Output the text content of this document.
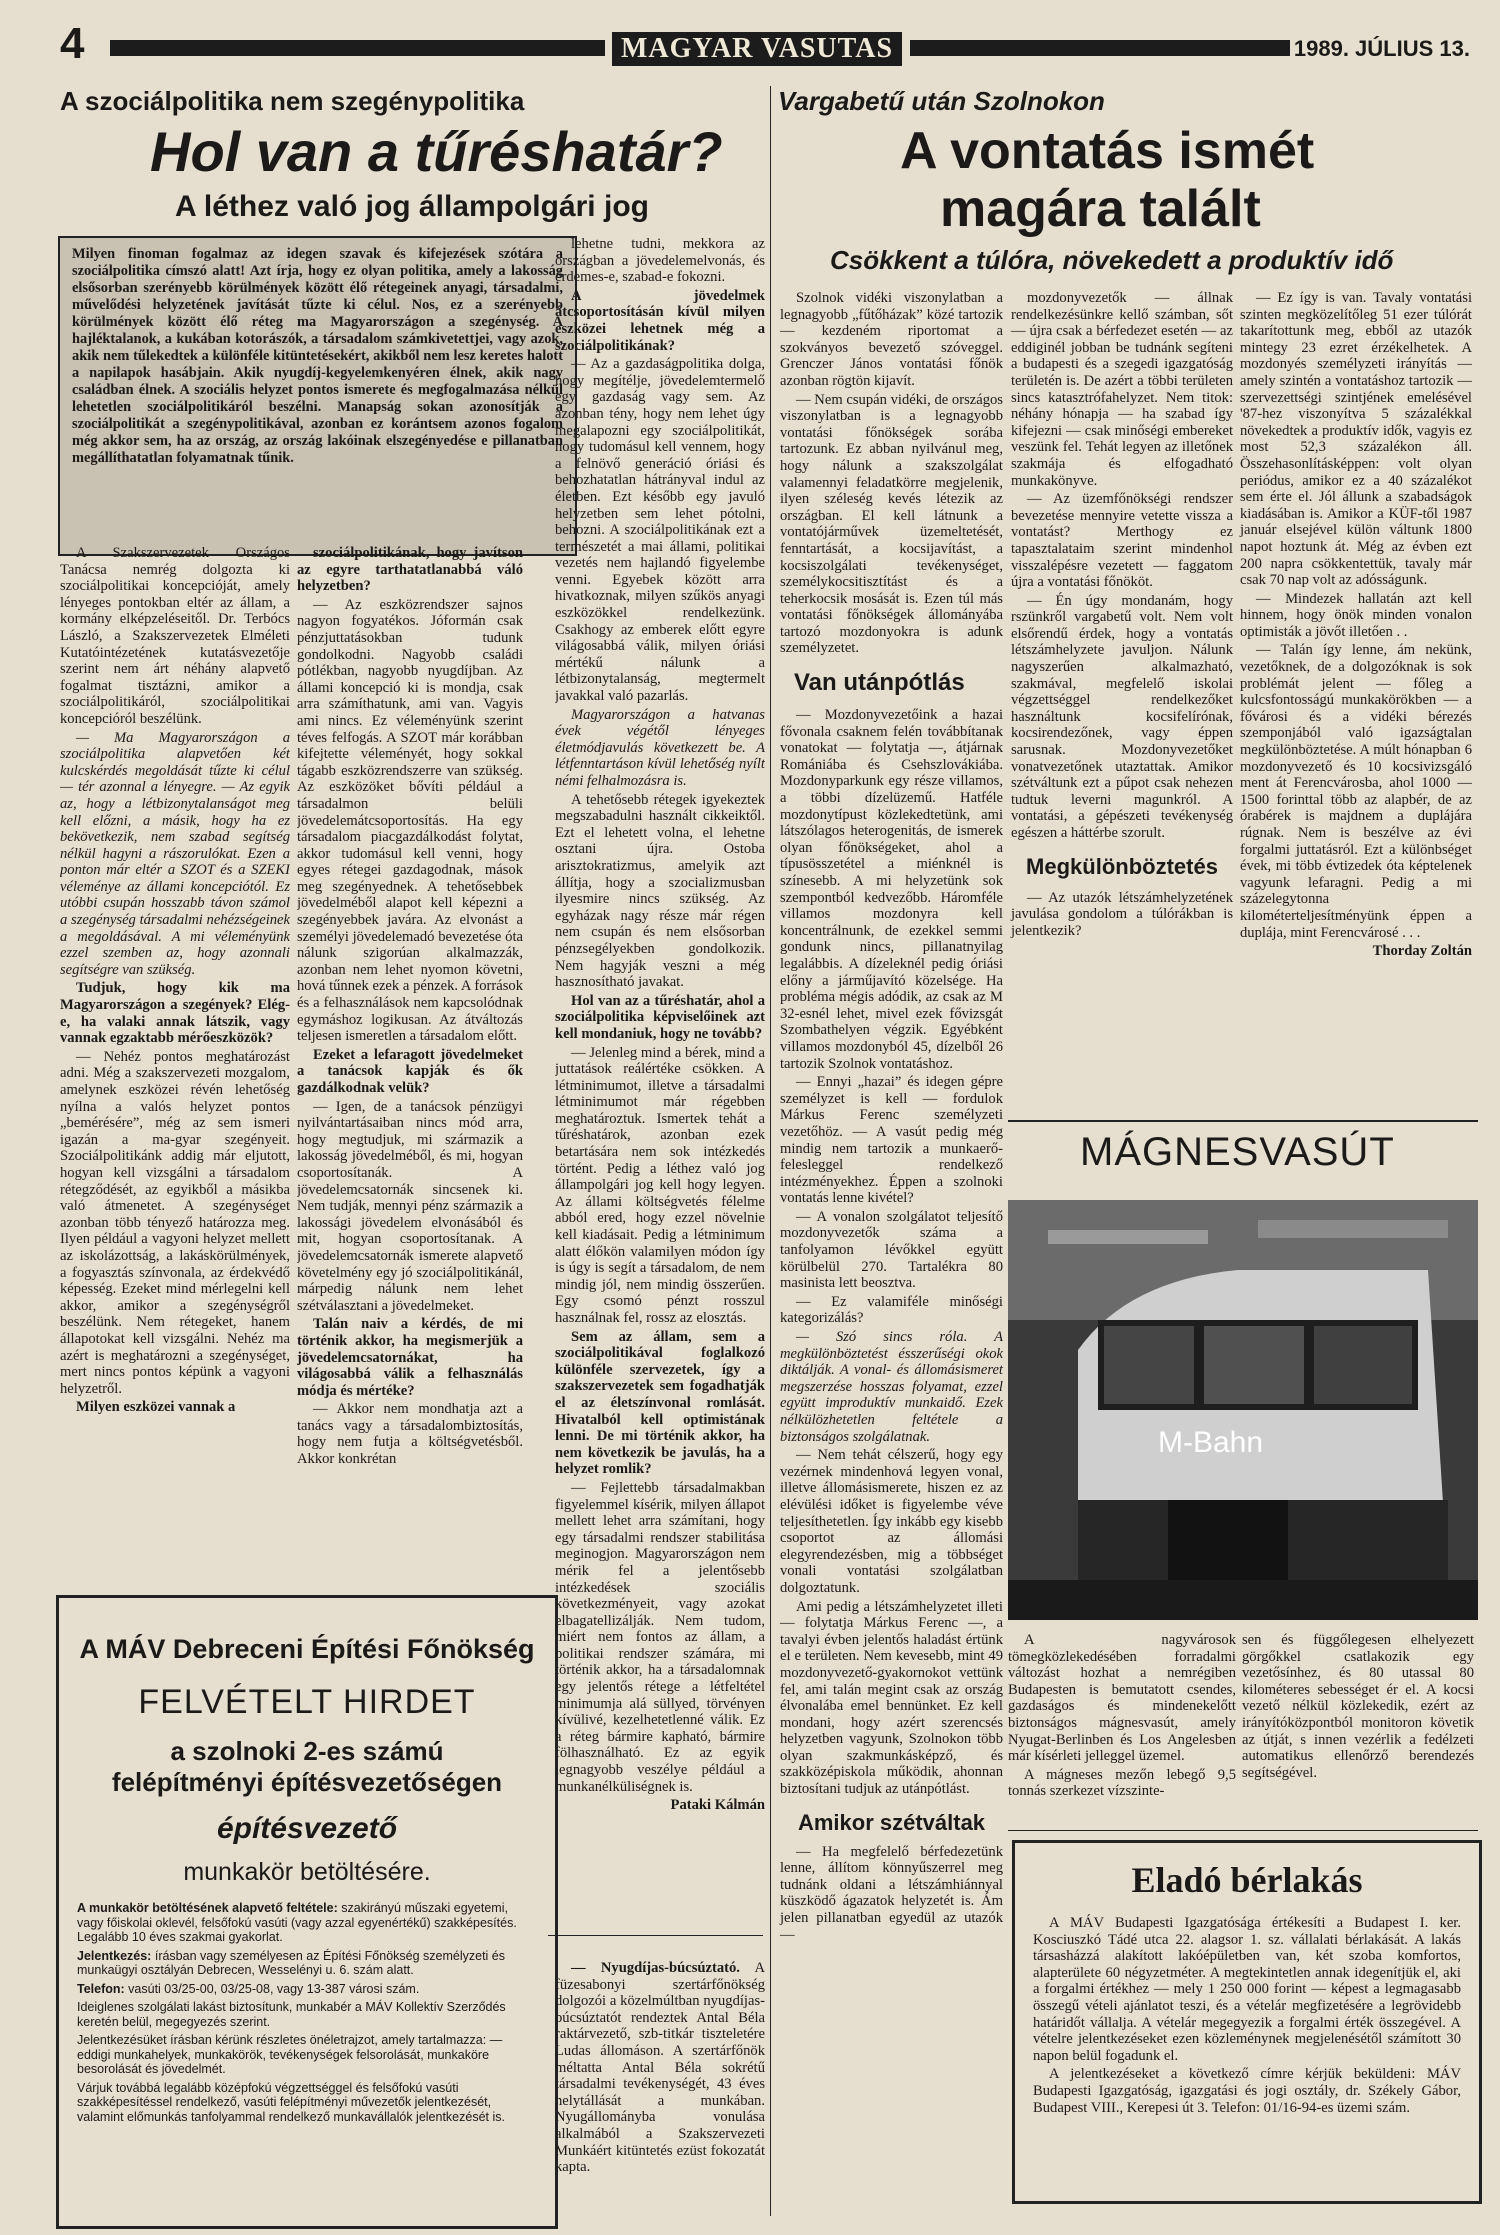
4	MAGYAR VASUTAS	1989. JÚLIUS 13.
A szociálpolitika nem szegénypolitika
Hol van a tűréshatár?
A léthez való jog állampolgári jog
Milyen finoman fogalmaz az idegen szavak és kifejezések szótára a szociálpolitika címszó alatt! Azt írja, hogy ez olyan politika, amely a lakosság elsősorban szerényebb körülmények között élő rétegeinek anyagi, társadalmi, művelődési helyzetének javítását tűzte ki célul. Nos, ez a szerényebb körülmények között élő réteg ma Magyarországon a szegénység. A hajléktalanok, a kukában kotorászók, a társadalom számkivetettjei, vagy azok, akik nem tűlekedtek a különféle kitüntetésekért, akikből nem lesz keretes halott a napilapok hasábjain. Akik nyugdíj-kegyelemkenyéren élnek, akik nagy családban élnek. A szociális helyzet pontos ismerete és megfogalmazása nélkül lehetetlen szociálpolitikáról beszélni. Manapság sokan azonosítják a szociálpolitikát a szegénypolitikával, azonban ez korántsem azonos fogalom még akkor sem, ha az ország, az ország lakóinak elszegényedése e pillanatban megállíthatatlan folyamatnak tűnik.

A Szakszervezetek Országos Tanácsa nemrég dolgozta ki szociálpolitikai koncepcióját, amely lényeges pontokban eltér az állam, a kormány elképzeléseitől. Dr. Terbócs László, a Szakszervezetek Elméleti Kutatóintézetének kutatásvezetője szerint nem árt néhány alapvető fogalmat tisztázni, amikor a szociálpolitikáról, szociálpolitikai koncepcióról beszélünk.

— Ma Magyarországon a szociálpolitika alapvetően két kulcskérdés megoldását tűzte ki célul — tér azonnal a lényegre. — Az egyik az, hogy a létbizonytalanságot meg kell előzni, a másik, hogy ha ez bekövetkezik, nem szabad segítség nélkül hagyni a rászorulókat. Ezen a ponton már eltér a SZOT és a SZEKI véleménye az állami koncepciótól. Ez utóbbi csupán hosszabb távon számol a szegénység társadalmi nehézségeinek a megoldásával. A mi véleményünk ezzel szemben az, hogy azonnali segítségre van szükség.

Tudjuk, hogy kik ma Magyarországon a szegények? Elég-e, ha valaki annak látszik, vagy vannak egzaktabb mérőeszközök?

— Nehéz pontos meghatározást adni. Még a szakszervezeti mozgalom, amelynek eszközei révén lehetőség nyílna a valós helyzet pontos „bemérésére”, még az sem ismeri igazán a ma-gyar szegényeit. Szociálpolitikánk addig már eljutott, hogyan kell vizsgálni a társadalom rétegződését, az egyikből a másikba való átmenetet. A szegénységet azonban több tényező határozza meg. Ilyen például a vagyoni helyzet mellett az iskolázottság, a lakáskörülmények, a fogyasztás színvonala, az érdekvédő képesség. Ezeket mind mérlegelni kell akkor, amikor a szegénységről beszélünk. Nem rétegeket, hanem állapotokat kell vizsgálni. Nehéz ma azért is meghatározni a szegénységet, mert nincs pontos képünk a vagyoni helyzetről.

Milyen eszközei vannak a

szociálpolitikának, hogy javítson az egyre tarthatatlanabbá váló helyzetben?

— Az eszközrendszer sajnos nagyon fogyatékos. Jóformán csak pénzjuttatásokban tudunk gondolkodni. Nagyobb családi pótlékban, nagyobb nyugdíjban. Az állami koncepció ki is mondja, csak arra számíthatunk, ami van. Vagyis ami nincs. Ez véleményünk szerint téves felfogás. A SZOT már korábban kifejtette véleményét, hogy sokkal tágabb eszközrendszerre van szükség. Az eszközöket bővíti például a társadalmon belüli jövedelemátcsoportosítás. Ha egy társadalom piacgazdálkodást folytat, akkor tudomásul kell venni, hogy egyes rétegei gazdagodnak, mások meg szegényednek. A tehetősebbek jövedelméből alapot kell képezni a szegényebbek javára. Az elvonást a személyi jövedelemadó bevezetése óta nálunk szigorúan alkalmazzák, azonban nem lehet nyomon követni, hová tűnnek ezek a pénzek. A források és a felhasználások nem kapcsolódnak egymáshoz logikusan. Az átváltozás teljesen ismeretlen a társadalom előtt.

Ezeket a lefaragott jövedelmeket a tanácsok kapják és ők gazdálkodnak velük?

— Igen, de a tanácsok pénzügyi nyilvántartásaiban nincs mód arra, hogy megtudjuk, mi származik a lakosság jövedelméből, és mi, hogyan csoportosítanák. A jövedelemcsatornák sincsenek ki. Nem tudják, mennyi pénz származik a lakossági jövedelem elvonásából és mit, hogyan csoportosítanak. A jövedelemcsatornák ismerete alapvető követelmény egy jó szociálpolitikánál, márpedig nálunk nem lehet szétválasztani a jövedelmeket.

Talán naiv a kérdés, de mi történik akkor, ha megismerjük a jövedelemcsatornákat, ha világosabbá válik a felhasználás módja és mértéke?

— Akkor nem mondhatja azt a tanács vagy a társadalombiztosítás, hogy nem futja a költségvetésből. Akkor konkrétan

lehetne tudni, mekkora az országban a jövedelemelvonás, és érdemes-e, szabad-e fokozni.

A jövedelmek átcsoportosításán kívül milyen eszközei lehetnek még a szociálpolitikának?

— Az a gazdaságpolitika dolga, hogy megítélje, jövedelemtermelő egy gazdaság vagy sem. Az azonban tény, hogy nem lehet úgy megalapozni egy szociálpolitikát, hogy tudomásul kell vennem, hogy a felnövő generáció óriási és behozhatatlan hátrányval indul az életben. Ezt később egy javuló helyzetben sem lehet pótolni, behozni. A szociálpolitikának ezt a természetét a mai állami, politikai vezetés nem hajlandó figyelembe venni. Egyebek között arra hivatkoznak, milyen szűkös anyagi eszközökkel rendelkezünk. Csakhogy az emberek előtt egyre világosabbá válik, milyen óriási mértékű nálunk a létbizonytalanság, megtermelt javakkal való pazarlás.

Magyarországon a hatvanas évek végétől lényeges életmódjavulás következett be. A létfenntartáson kívül lehetőség nyílt némi felhalmozásra is.

A tehetősebb rétegek igyekeztek megszabadulni használt cikkeiktől. Ezt el lehetett volna, el lehetne osztani újra. Ostoba arisztokratizmus, amelyik azt állítja, hogy a szocializmusban ilyesmire nincs szükség. Az egyházak nagy része már régen nem csupán és nem elsősorban pénzsegélyekben gondolkozik. Nem hagyják veszni a még hasznosítható javakat.

Hol van az a tűréshatár, ahol a szociálpolitika képviselőinek azt kell mondaniuk, hogy ne tovább?

— Jelenleg mind a bérek, mind a juttatások reálértéke csökken. A létminimumot, illetve a társadalmi létminimumot már régebben meghatároztuk. Ismertek tehát a tűréshatárok, azonban ezek betartására nem sok intézkedés történt. Pedig a léthez való jog állampolgári jog kell hogy legyen. Az állami költségvetés félelme abból ered, hogy ezzel növelnie kell kiadásait. Pedig a létminimum alatt élőkön valamilyen módon így is úgy is segít a társadalom, de nem mindig jól, nem mindig összerűen. Egy csomó pénzt rosszul használnak fel, rossz az elosztás.

Sem az állam, sem a szociálpolitikával foglalkozó különféle szervezetek, így a szakszervezetek sem fogadhatják el az életszínvonal romlását. Hivatalból kell optimistának lenni. De mi történik akkor, ha nem következik be javulás, ha a helyzet romlik?

— Fejlettebb társadalmakban figyelemmel kísérik, milyen állapot mellett lehet arra számítani, hogy egy társadalmi rendszer stabilitása meginogjon. Magyarországon nem mérik fel a jelentősebb intézkedések szociális következményeit, vagy azokat elbagatellizálják. Nem tudom, miért nem fontos az állam, a politikai rendszer számára, mi történik akkor, ha a társadalomnak egy jelentős rétege a létfeltétel minimumja alá süllyed, törvényen kívülivé, kezelhetetlenné válik. Ez a réteg bármire kapható, bármire fölhasználható. Ez az egyik legnagyobb veszélye például a munkanélküliségnek is.

Pataki Kálmán

— Nyugdíjas-búcsúztató. A füzesabonyi szertárfőnökség dolgozói a közelmúltban nyugdíjas-búcsúztatót rendeztek Antal Béla raktárvezető, szb-titkár tiszteletére Ludas állomáson. A szertárfőnök méltatta Antal Béla sokrétű társadalmi tevékenységét, 43 éves helytállását a munkában. Nyugállományba vonulása alkalmából a Szakszervezeti Munkáért kitüntetés ezüst fokozatát kapta.

A MÁV Debreceni Építési Főnökség
FELVÉTELT HIRDET
a szolnoki 2-es számú
felépítményi építésvezetőségen
építésvezető
munkakör betöltésére.

A munkakör betöltésének alapvető feltétele: szakirányú műszaki egyetemi, vagy főiskolai oklevél, felsőfokú vasúti (vagy azzal egyenértékű) szakképesítés. Legalább 10 éves szakmai gyakorlat.

Jelentkezés: írásban vagy személyesen az Építési Főnökség személyzeti és munkaügyi osztályán Debrecen, Wesselényi u. 6. szám alatt.

Telefon: vasúti 03/25-00, 03/25-08, vagy 13-387 városi szám.

Ideiglenes szolgálati lakást biztosítunk, munkabér a MÁV Kollektív Szerződés keretén belül, megegyezés szerint.

Jelentkezésüket írásban kérünk részletes önéletrajzot, amely tartalmazza: — eddigi munkahelyek, munkakörök, tevékenységek felsorolását, munkaköre besorolását és jövedelmét.

Várjuk továbbá legalább középfokú végzettséggel és felsőfokú vasúti szakképesítéssel rendelkező, vasúti felépítményi művezetők jelentkezését, valamint előmunkás tanfolyammal rendelkező munkavállalók jelentkezését is.

Vargabetű után Szolnokon
A vontatás ismét
magára talált
Csökkent a túlóra, növekedett a produktív idő

Szolnok vidéki viszonylatban a legnagyobb „fűtőházak” közé tartozik — kezdeném riportomat a szokványos bevezető szóveggel. Grenczer János vontatási főnök azonban rögtön kijavít.

— Nem csupán vidéki, de országos viszonylatban is a legnagyobb vontatási főnökségek sorába tartozunk. Ez abban nyilvánul meg, hogy nálunk a szakszolgálat valamennyi feladatkörre megjelenik, ilyen széleség kevés létezik az országban. El kell látnunk a vontatójárművek üzemeltetését, fenntartását, a kocsijavítást, a kocsiszolgálati tevékenységet, személykocsitisztítást és a teherkocsik mosását is. Ezen túl más vontatási főnökségek állományába tartozó mozdonyokra is adunk személyzetet.

Van utánpótlás

— Mozdonyvezetőink a hazai fővonala csaknem felén továbbítanak vonatokat — folytatja —, átjárnak Romániába és Csehszlovákiába. Mozdonyparkunk egy része villamos, a többi dízelüzemű. Hatféle mozdonytípust közlekedtetünk, ami látszólagos heterogenitás, de ismerek olyan főnökségeket, ahol a típusösszetétel a miénknél is színesebb. A mi helyzetünk sok szempontból kedvezőbb. Háromféle villamos mozdonyra kell koncentrálnunk, de ezekkel semmi gondunk nincs, pillanatnyilag legalábbis. A dízeleknél pedig óriási előny a járműjavító közelsége. Ha probléma mégis adódik, az csak az M 32-esnél lehet, mivel ezek fővizsgát Szombathelyen végzik. Egyébként villamos mozdonyból 45, dízelből 26 tartozik Szolnok vontatáshoz.

— Ennyi „hazai” és idegen gépre személyzet is kell — fordulok Márkus Ferenc személyzeti vezetőhöz. — A vasút pedig még mindig nem tartozik a munkaerő-felesleggel rendelkező intézményekhez. Éppen a szolnoki vontatás lenne kivétel?

— A vonalon szolgálatot teljesítő mozdonyvezetők száma a tanfolyamon lévőkkel együtt körülbelül 270. Tartalékra 80 masinista lett beosztva.

— Ez valamiféle minőségi kategorizálás?

— Szó sincs róla. A megkülönböztetést ésszerűségi okok diktálják. A vonal- és állomásismeret megszerzése hosszas folyamat, ezzel együtt improduktív munkaidő. Ezek nélkülözhetetlen feltétele a biztonságos szolgálatnak.

— Nem tehát célszerű, hogy egy vezérnek mindenhová legyen vonal, illetve állomásismerete, hiszen ez az elévülési időket is figyelembe véve teljesíthetetlen. Így inkább egy kisebb csoportot az állomási elegyrendezésben, mig a többséget vonali vontatási szolgálatban dolgoztatunk.

Ami pedig a létszámhelyzetet illeti — folytatja Márkus Ferenc —, a tavalyi évben jelentős haladást értünk el e területen. Nem kevesebb, mint 49 mozdonyvezető-gyakornokot vettünk fel, ami talán megint csak az ország élvonalába emel bennünket. Ez kell mondani, hogy azért szerencsés helyzetben vagyunk, Szolnokon több olyan szakmunkásképző, és szakközépiskola működik, ahonnan biztosítani tudjuk az utánpótlást.

Amikor szétváltak

— Ha megfelelő bérfedezetünk lenne, állítom könnyűszerrel meg tudnánk oldani a létszámhiánnyal küszködő ágazatok helyzetét is. Ám jelen pillanatban egyedül az utazók —

mozdonyvezetők — állnak rendelkezésünkre kellő számban, sőt — újra csak a bérfedezet esetén — az eddiginél jobban be tudnánk segíteni a budapesti és a szegedi igazgatóság területén is. De azért a többi területen sincs katasztrófahelyzet. Nem titok: néhány hónapja — ha szabad így kifejezni — csak minőségi embereket veszünk fel. Tehát legyen az illetőnek szakmája és elfogadható munkakönyve.

— Az üzemfőnökségi rendszer bevezetése mennyire vetette vissza a vontatást? Merthogy ez tapasztalataim szerint mindenhol visszalépésre vezetett — faggatom újra a vontatási főnököt.

— Én úgy mondanám, hogy rszünkről vargabetű volt. Nem volt elsőrendű érdek, hogy a vontatás létszámhelyzete javuljon. Nálunk nagyszerűen alkalmazható, szakmával, megfelelő iskolai végzettséggel rendelkezőket használtunk kocsifelírónak, kocsirendezőnek, vagy éppen sarusnak. Mozdonyvezetőket vonatvezetőnek utaztattak. Amikor szétváltunk ezt a pűpot csak nehezen tudtuk leverni magunkról. A vontatási, a gépészeti tevékenység egészen a háttérbe szorult.

Megkülönböztetés

— Az utazók létszámhelyzetének javulása gondolom a túlórákban is jelentkezik?

— Ez így is van. Tavaly vontatási szinten megközelítőleg 51 ezer túlórát takarítottunk meg, ebből az utazók mintegy 23 ezret érzékelhetek. A mozdonyés személyzeti irányítás — amely szintén a vontatáshoz tartozik — szervezettségi szintjének emelésével '87-hez viszonyítva 5 százalékkal növekedtek a produktív idők, vagyis ez most 52,3 százalékon áll. Összehasonlításképpen: volt olyan periódus, amikor ez a 40 százalékot sem érte el. Jól állunk a szabadságok kiadásában is. Amikor a KÜF-től 1987 január elsejével külön váltunk 1800 napot hoztunk át. Még az évben ezt 200 napra csökkentettük, tavaly már csak 70 nap volt az adósságunk.

— Mindezek hallatán azt kell hinnem, hogy önök minden vonalon optimisták a jövőt illetően . .

— Talán így lenne, ám nekünk, vezetőknek, de a dolgozóknak is sok problémát jelent — főleg a kulcsfontosságú munkakörökben — a fővárosi és a vidéki bérezés szemponjából való igazságtalan megkülönböztetése. A múlt hónapban 6 mozdonyvezető és 10 kocsivizsgáló ment át Ferencvárosba, ahol 1000 — 1500 forinttal több az alapbér, de az órabérek is majdnem a duplájára rúgnak. Nem is beszélve az évi forgalmi juttatásról. Ezt a különbséget évek, mi több évtizedek óta képtelenek vagyunk lefaragni. Pedig a mi százelegytonna kilométerteljesítményünk éppen a duplája, mint Ferencvárosé . . .

Thorday Zoltán
MÁGNESVASÚT
M-Bahn

A nagyvárosok tömegközlekedésében forradalmi változást hozhat a nemrégiben Budapesten is bemutatott csendes, gazdaságos és mindenekelőtt biztonságos mágnesvasút, amely Nyugat-Berlinben és Los Angelesben már kísérleti jelleggel üzemel.

A mágneses mezőn lebegő 9,5 tonnás szerkezet vízszinte-

sen és függőlegesen elhelyezett görgőkkel csatlakozik egy vezetősínhez, és 80 utassal 80 kilométeres sebességet ér el. A kocsi vezető nélkül közlekedik, ezért az irányítóközpontból monitoron követik az útját, s innen vezérlik a fedélzeti automatikus ellenőrző berendezés segítségével.

Eladó bérlakás

A MÁV Budapesti Igazgatósága értékesíti a Budapest I. ker. Kosciuszkó Tádé utca 22. alagsor 1. sz. vállalati bérlakását. A lakás társasházzá alakított lakóépületben van, két szoba komfortos, alapterülete 60 négyzetméter. A megtekintetlen annak idegenítjük el, aki a forgalmi értékhez — mely 1 250 000 forint — képest a legmagasabb összegű vételi ajánlatot teszi, és a vételár megfizetésére a legrövidebb határidőt vállalja. A vételár megegyezik a forgalmi érték összegével. A vételre jelentkezéseket ezen közleménynek megjelenésétől számított 30 napon belül fogadunk el.

A jelentkezéseket a következő címre kérjük beküldeni: MÁV Budapesti Igazgatóság, igazgatási és jogi osztály, dr. Székely Gábor, Budapest VIII., Kerepesi út 3. Telefon: 01/16-94-es üzemi szám.
